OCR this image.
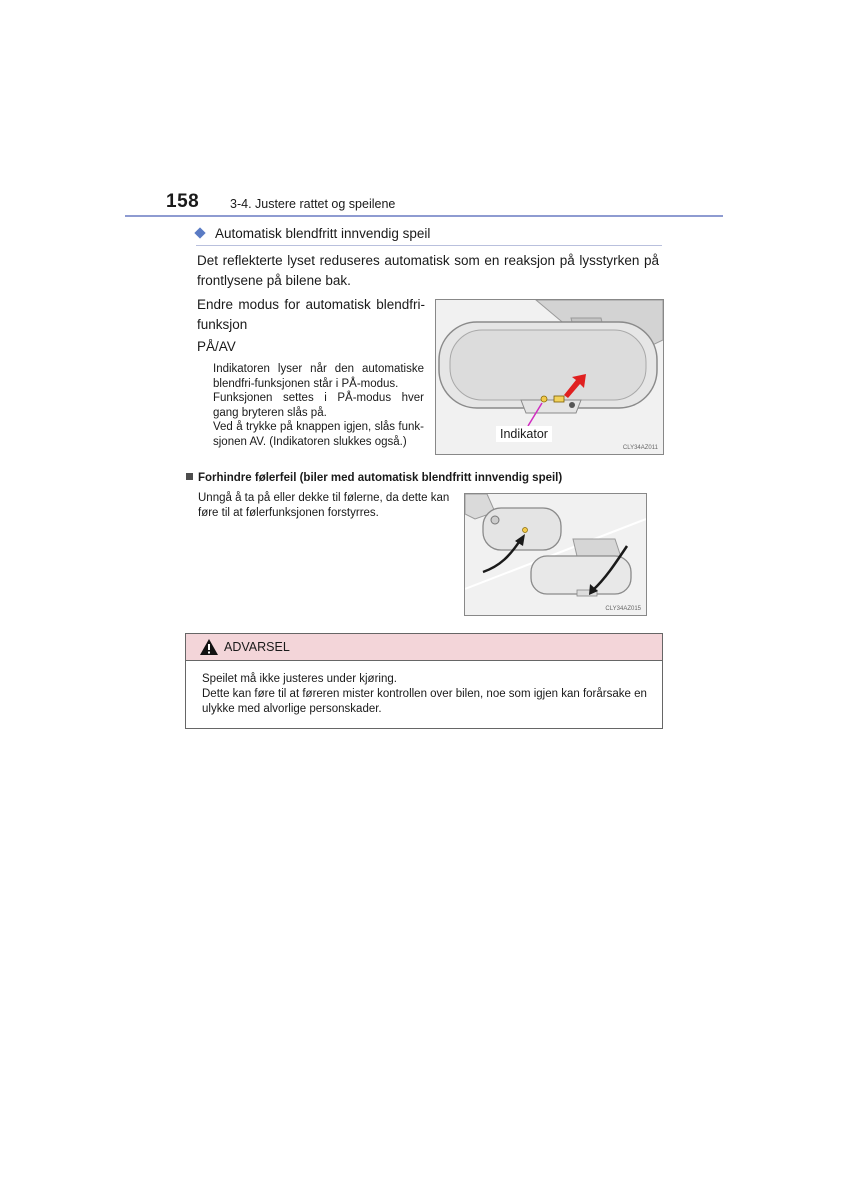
158 3-4. Justere rattet og speilene
Automatisk blendfritt innvendig speil
Det reflekterte lyset reduseres automatisk som en reaksjon på lysstyrken på frontlysene på bilene bak.
Endre modus for automatisk blendfri-funksjon
PÅ/AV
Indikatoren lyser når den automatiske
blendfri-funksjonen står i PÅ-modus.
Funksjonen settes i PÅ-modus hver
gang bryteren slås på.
Ved å trykke på knappen igjen, slås funk-
sjonen AV. (Indikatoren slukkes også.)
Indikator
CLY34AZ011
Forhindre følerfeil (biler med automatisk blendfritt innvendig speil)
Unngå å ta på eller dekke til følerne, da dette kan føre til at følerfunksjonen forstyrres.
CLY34AZ015
ADVARSEL
Speilet må ikke justeres under kjøring.
Dette kan føre til at føreren mister kontrollen over bilen, noe som igjen kan forårsake en ulykke med alvorlige personskader.
